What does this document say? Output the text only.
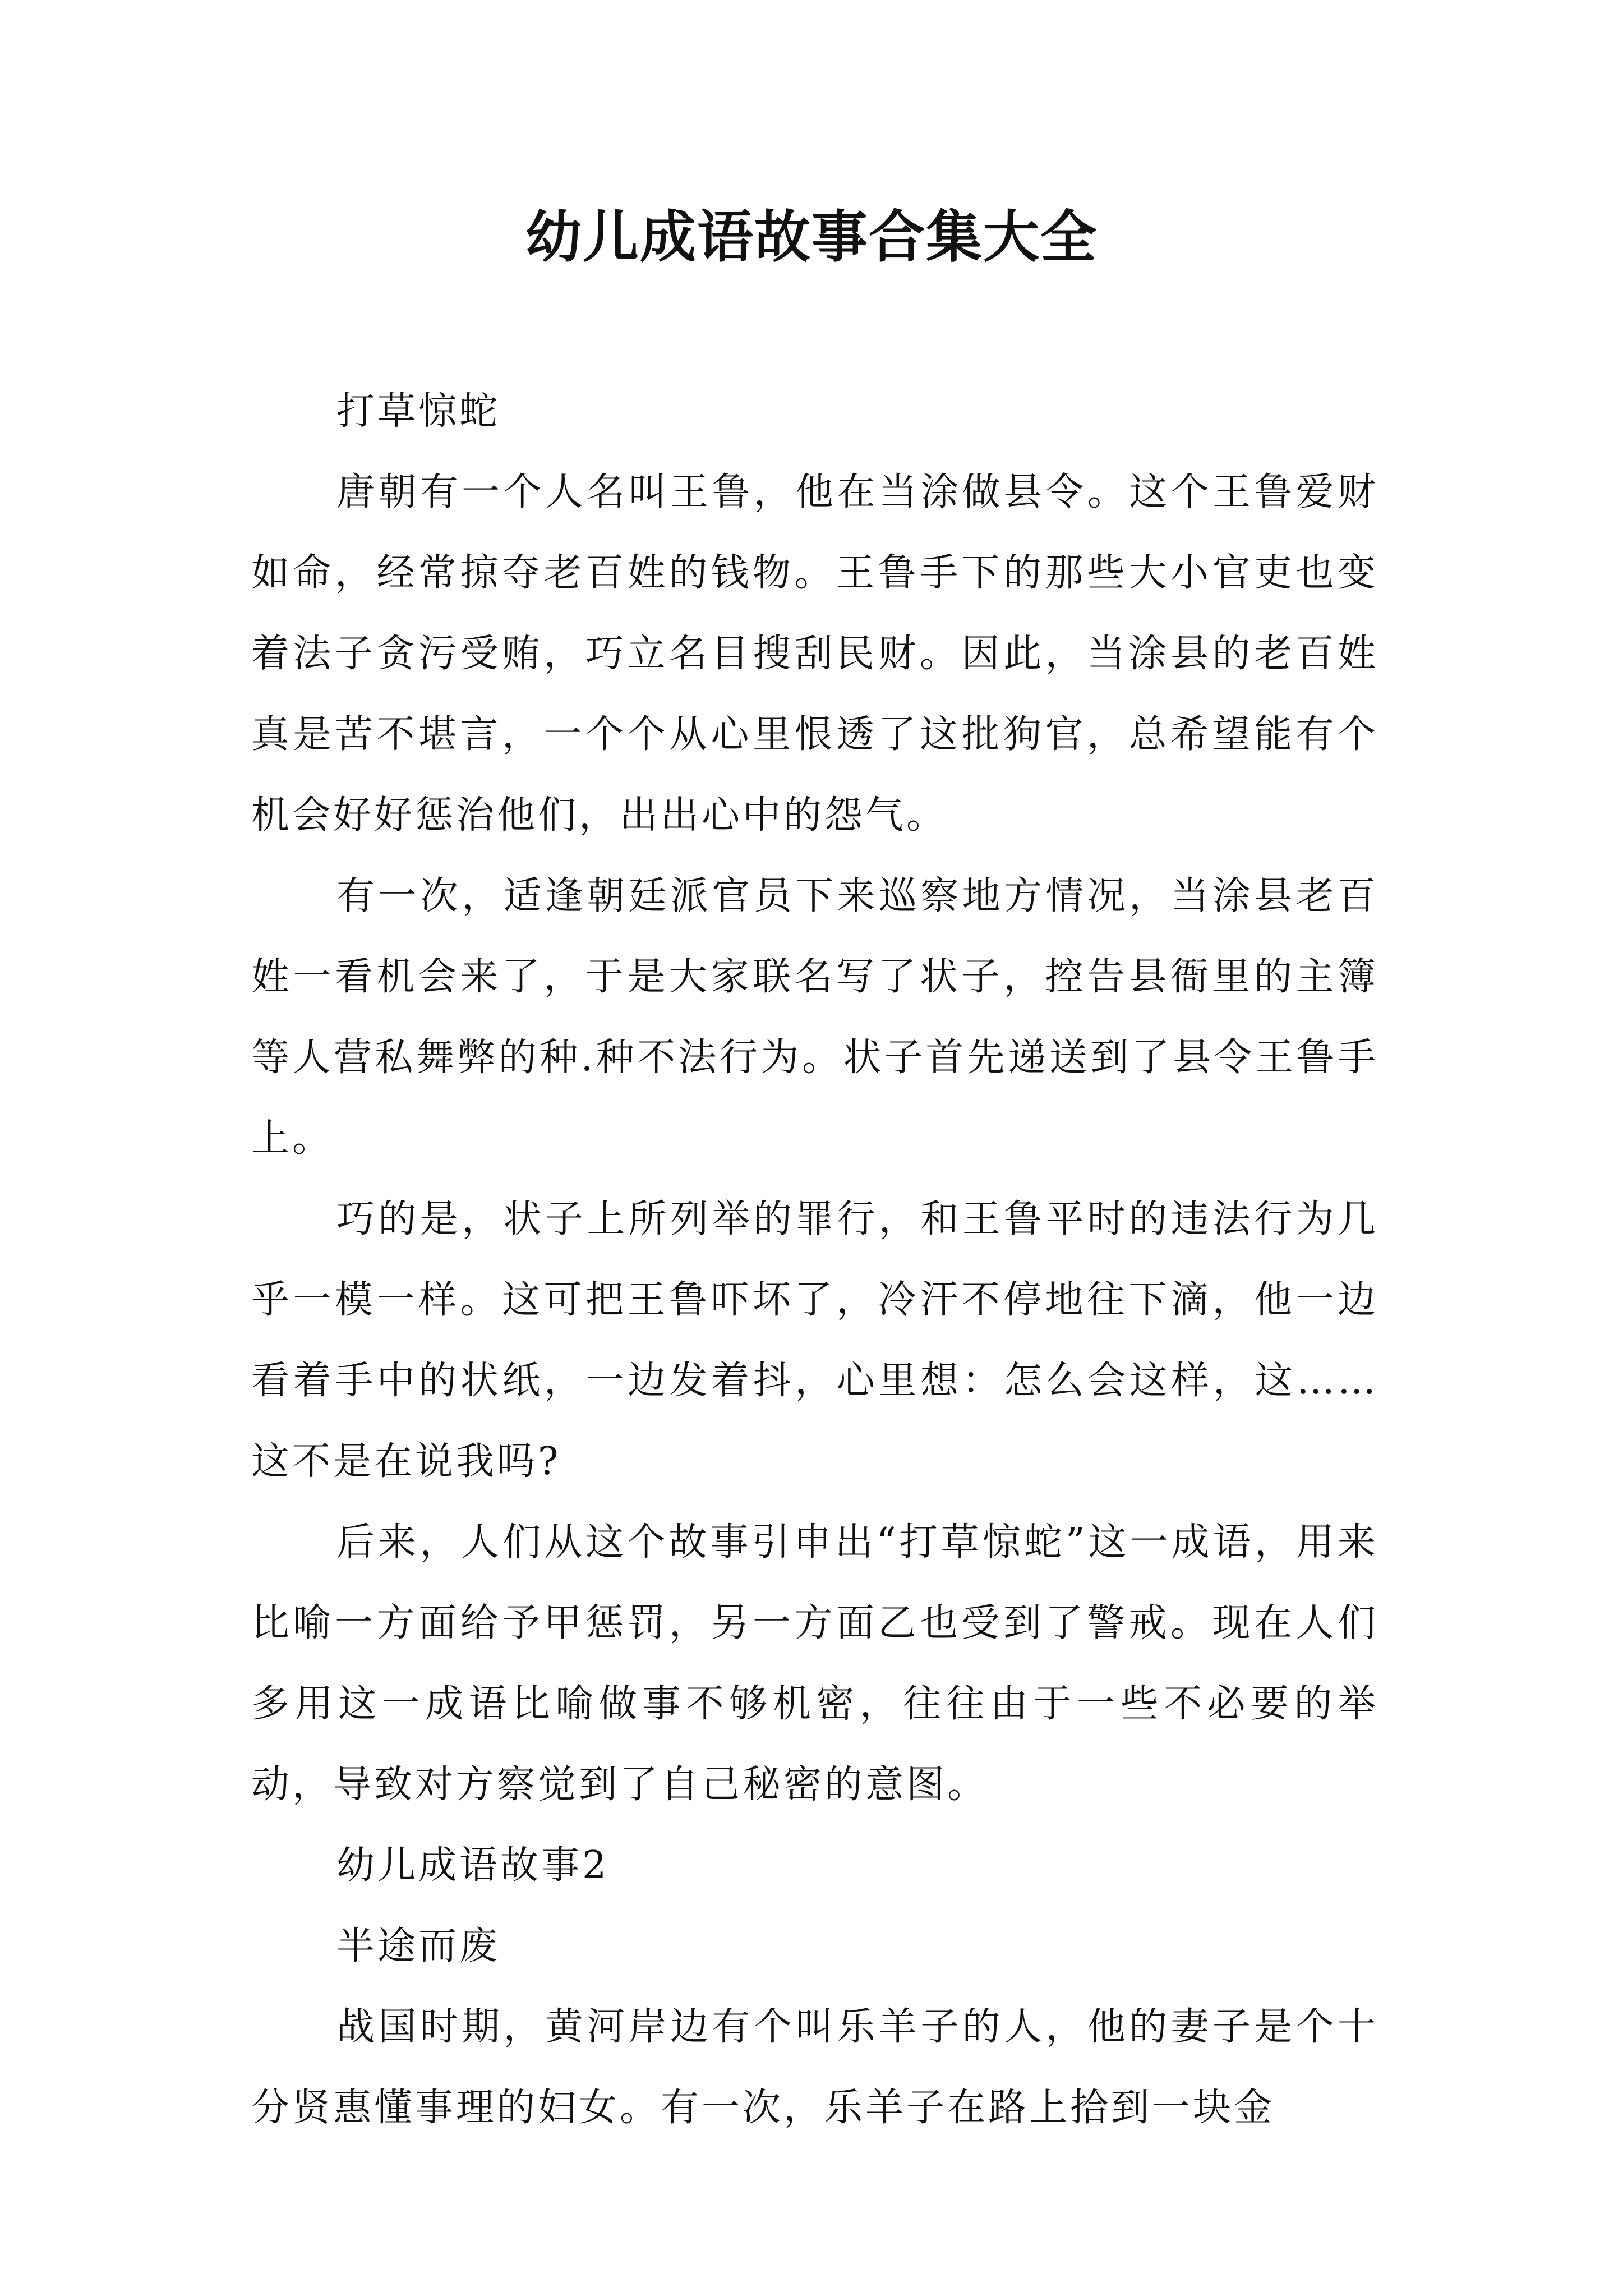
幼儿成语故事合集大全

打草惊蛇

唐朝有一个人名叫王鲁，他在当涂做县令。这个王鲁爱财如命，经常掠夺老百姓的钱物。王鲁手下的那些大小官吏也变着法子贪污受贿，巧立名目搜刮民财。因此，当涂县的老百姓真是苦不堪言，一个个从心里恨透了这批狗官，总希望能有个机会好好惩治他们，出出心中的怨气。

有一次，适逢朝廷派官员下来巡察地方情况，当涂县老百姓一看机会来了，于是大家联名写了状子，控告县衙里的主簿等人营私舞弊的种.种不法行为。状子首先递送到了县令王鲁手上。

巧的是，状子上所列举的罪行，和王鲁平时的违法行为几乎一模一样。这可把王鲁吓坏了，冷汗不停地往下滴，他一边看着手中的状纸，一边发着抖，心里想：怎么会这样，这……这不是在说我吗?

后来，人们从这个故事引申出“打草惊蛇”这一成语，用来比喻一方面给予甲惩罚，另一方面乙也受到了警戒。现在人们多用这一成语比喻做事不够机密，往往由于一些不必要的举动，导致对方察觉到了自己秘密的意图。

幼儿成语故事2

半途而废

战国时期，黄河岸边有个叫乐羊子的人，他的妻子是个十分贤惠懂事理的妇女。有一次，乐羊子在路上拾到一块金
